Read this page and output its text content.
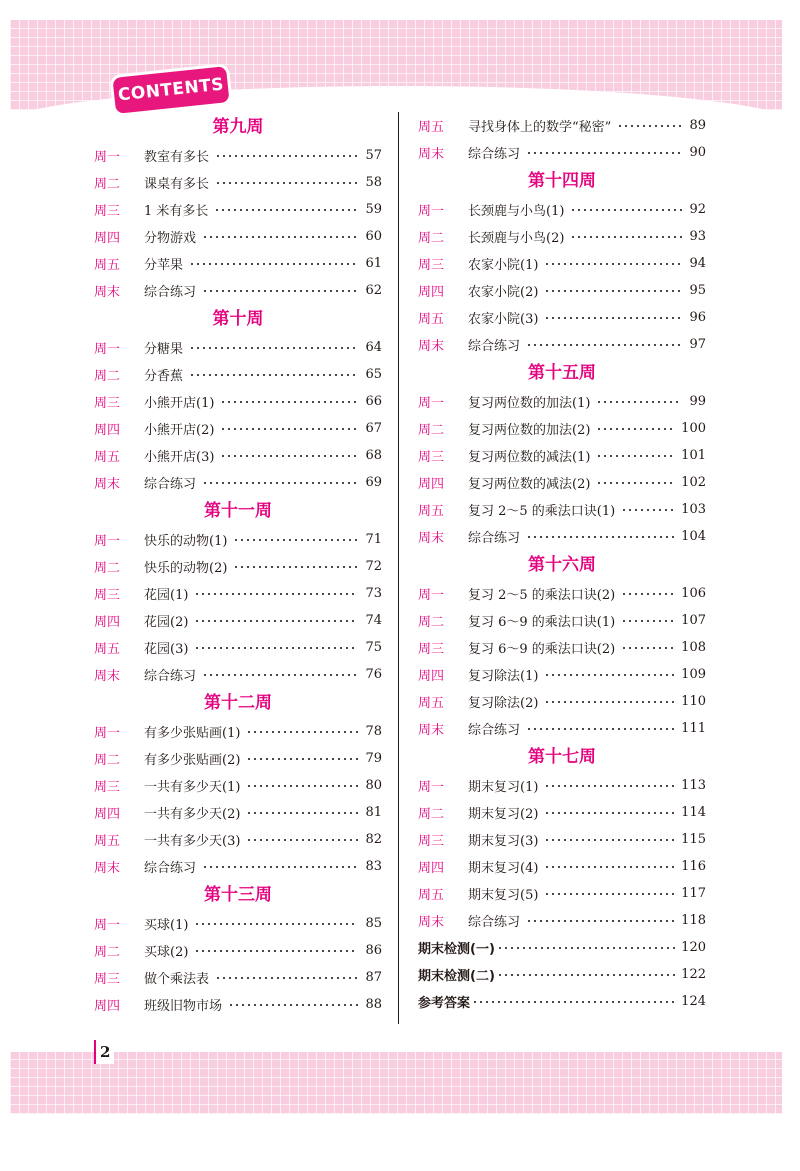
CONTENTS
第九周
周一	教室有多长	57
周二	课桌有多长	58
周三	1 米有多长	59
周四	分物游戏	60
周五	分苹果	61
周末	综合练习	62
第十周
周一	分糖果	64
周二	分香蕉	65
周三	小熊开店(1)	66
周四	小熊开店(2)	67
周五	小熊开店(3)	68
周末	综合练习	69
第十一周
周一	快乐的动物(1)	71
周二	快乐的动物(2)	72
周三	花园(1)	73
周四	花园(2)	74
周五	花园(3)	75
周末	综合练习	76
第十二周
周一	有多少张贴画(1)	78
周二	有多少张贴画(2)	79
周三	一共有多少天(1)	80
周四	一共有多少天(2)	81
周五	一共有多少天(3)	82
周末	综合练习	83
第十三周
周一	买球(1)	85
周二	买球(2)	86
周三	做个乘法表	87
周四	班级旧物市场	88
周五	寻找身体上的数学“秘密”	89
周末	综合练习	90
第十四周
周一	长颈鹿与小鸟(1)	92
周二	长颈鹿与小鸟(2)	93
周三	农家小院(1)	94
周四	农家小院(2)	95
周五	农家小院(3)	96
周末	综合练习	97
第十五周
周一	复习两位数的加法(1)	99
周二	复习两位数的加法(2)	100
周三	复习两位数的减法(1)	101
周四	复习两位数的减法(2)	102
周五	复习 2～5 的乘法口诀(1)	103
周末	综合练习	104
第十六周
周一	复习 2～5 的乘法口诀(2)	106
周二	复习 6～9 的乘法口诀(1)	107
周三	复习 6～9 的乘法口诀(2)	108
周四	复习除法(1)	109
周五	复习除法(2)	110
周末	综合练习	111
第十七周
周一	期末复习(1)	113
周二	期末复习(2)	114
周三	期末复习(3)	115
周四	期末复习(4)	116
周五	期末复习(5)	117
周末	综合练习	118
期末检测(一)	120
期末检测(二)	122
参考答案	124
2
